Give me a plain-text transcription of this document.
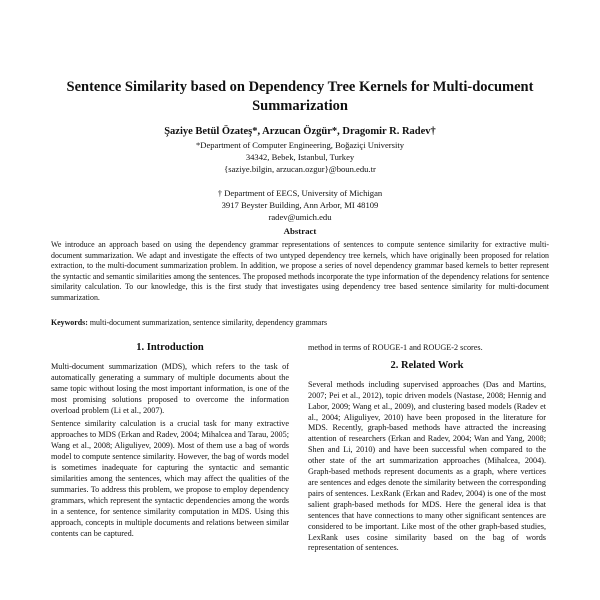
Sentence Similarity based on Dependency Tree Kernels for Multi-document Summarization
Şaziye Betül Özateş*, Arzucan Özgür*, Dragomir R. Radev†
*Department of Computer Engineering, Boğaziçi University
34342, Bebek, Istanbul, Turkey
{saziye.bilgin, arzucan.ozgur}@boun.edu.tr
† Department of EECS, University of Michigan
3917 Beyster Building, Ann Arbor, MI 48109
radev@umich.edu
Abstract
We introduce an approach based on using the dependency grammar representations of sentences to compute sentence similarity for extractive multi-document summarization. We adapt and investigate the effects of two untyped dependency tree kernels, which have originally been proposed for relation extraction, to the multi-document summarization problem. In addition, we propose a series of novel dependency grammar based kernels to better represent the syntactic and semantic similarities among the sentences. The proposed methods incorporate the type information of the dependency relations for sentence similarity calculation. To our knowledge, this is the first study that investigates using dependency tree based sentence similarity for multi-document summarization.
Keywords: multi-document summarization, sentence similarity, dependency grammars
1. Introduction

Multi-document summarization (MDS), which refers to the task of automatically generating a summary of multiple documents about the same topic without losing the most important information, is one of the most promising solutions proposed to overcome the information overload problem (Li et al., 2007).

Sentence similarity calculation is a crucial task for many extractive approaches to MDS (Erkan and Radev, 2004; Mihalcea and Tarau, 2005; Wang et al., 2008; Aliguliyev, 2009). Most of them use a bag of words model to compute sentence similarity. However, the bag of words model is sometimes inadequate for capturing the syntactic and semantic similarities among the sentences, which may affect the qualities of the summaries. To address this problem, we propose to employ dependency grammars, which represent the syntactic dependencies among the words in a sentence, for sentence similarity computation in MDS. Using this approach, concepts in multiple documents and relations between similar contents can be captured.

method in terms of ROUGE-1 and ROUGE-2 scores.

2. Related Work

Several methods including supervised approaches (Das and Martins, 2007; Pei et al., 2012), topic driven models (Nastase, 2008; Hennig and Labor, 2009; Wang et al., 2009), and clustering based models (Radev et al., 2004; Aliguliyev, 2010) have been proposed in the literature for MDS. Recently, graph-based methods have attracted the increasing attention of researchers (Erkan and Radev, 2004; Wan and Yang, 2008; Shen and Li, 2010) and have been successful when compared to the other state of the art summarization approaches (Mihalcea, 2004). Graph-based methods represent documents as a graph, where vertices are sentences and edges denote the similarity between the corresponding pairs of sentences. LexRank (Erkan and Radev, 2004) is one of the most salient graph-based methods for MDS. Here the general idea is that sentences that have connections to many other significant sentences are considered to be important. Like most of the other graph-based studies, LexRank uses cosine similarity based on the bag of words representation of sentences.
